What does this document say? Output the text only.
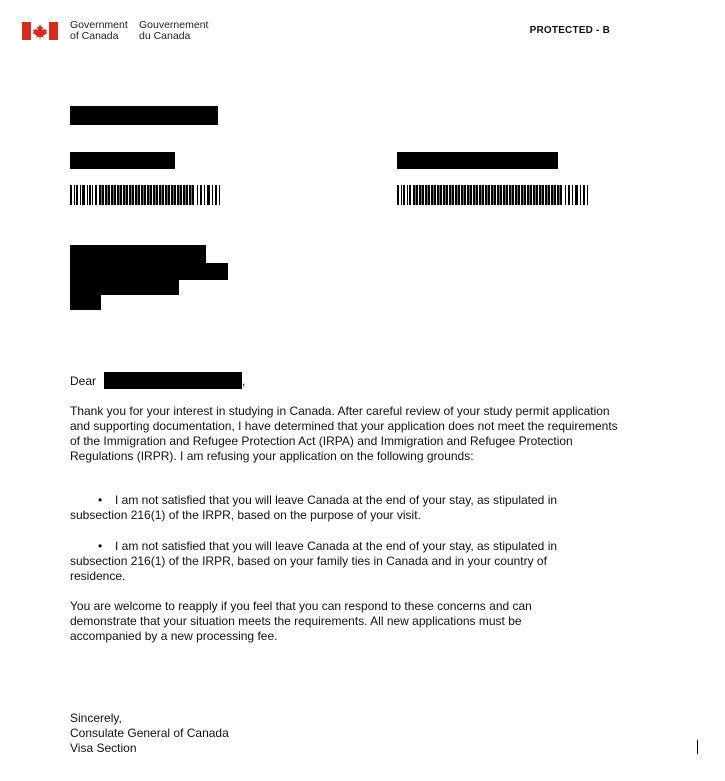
Government
of Canada
Gouvernement
du Canada	PROTECTED - B
Dear	,
Thank you for your interest in studying in Canada. After careful review of your study permit application and supporting documentation, I have determined that your application does not meet the requirements of the Immigration and Refugee Protection Act (IRPA) and Immigration and Refugee Protection Regulations (IRPR). I am refusing your application on the following grounds:
• I am not satisfied that you will leave Canada at the end of your stay, as stipulated in subsection 216(1) of the IRPR, based on the purpose of your visit.
• I am not satisfied that you will leave Canada at the end of your stay, as stipulated in subsection 216(1) of the IRPR, based on your family ties in Canada and in your country of residence.
You are welcome to reapply if you feel that you can respond to these concerns and can demonstrate that your situation meets the requirements. All new applications must be accompanied by a new processing fee.
Sincerely,
Consulate General of Canada
Visa Section
